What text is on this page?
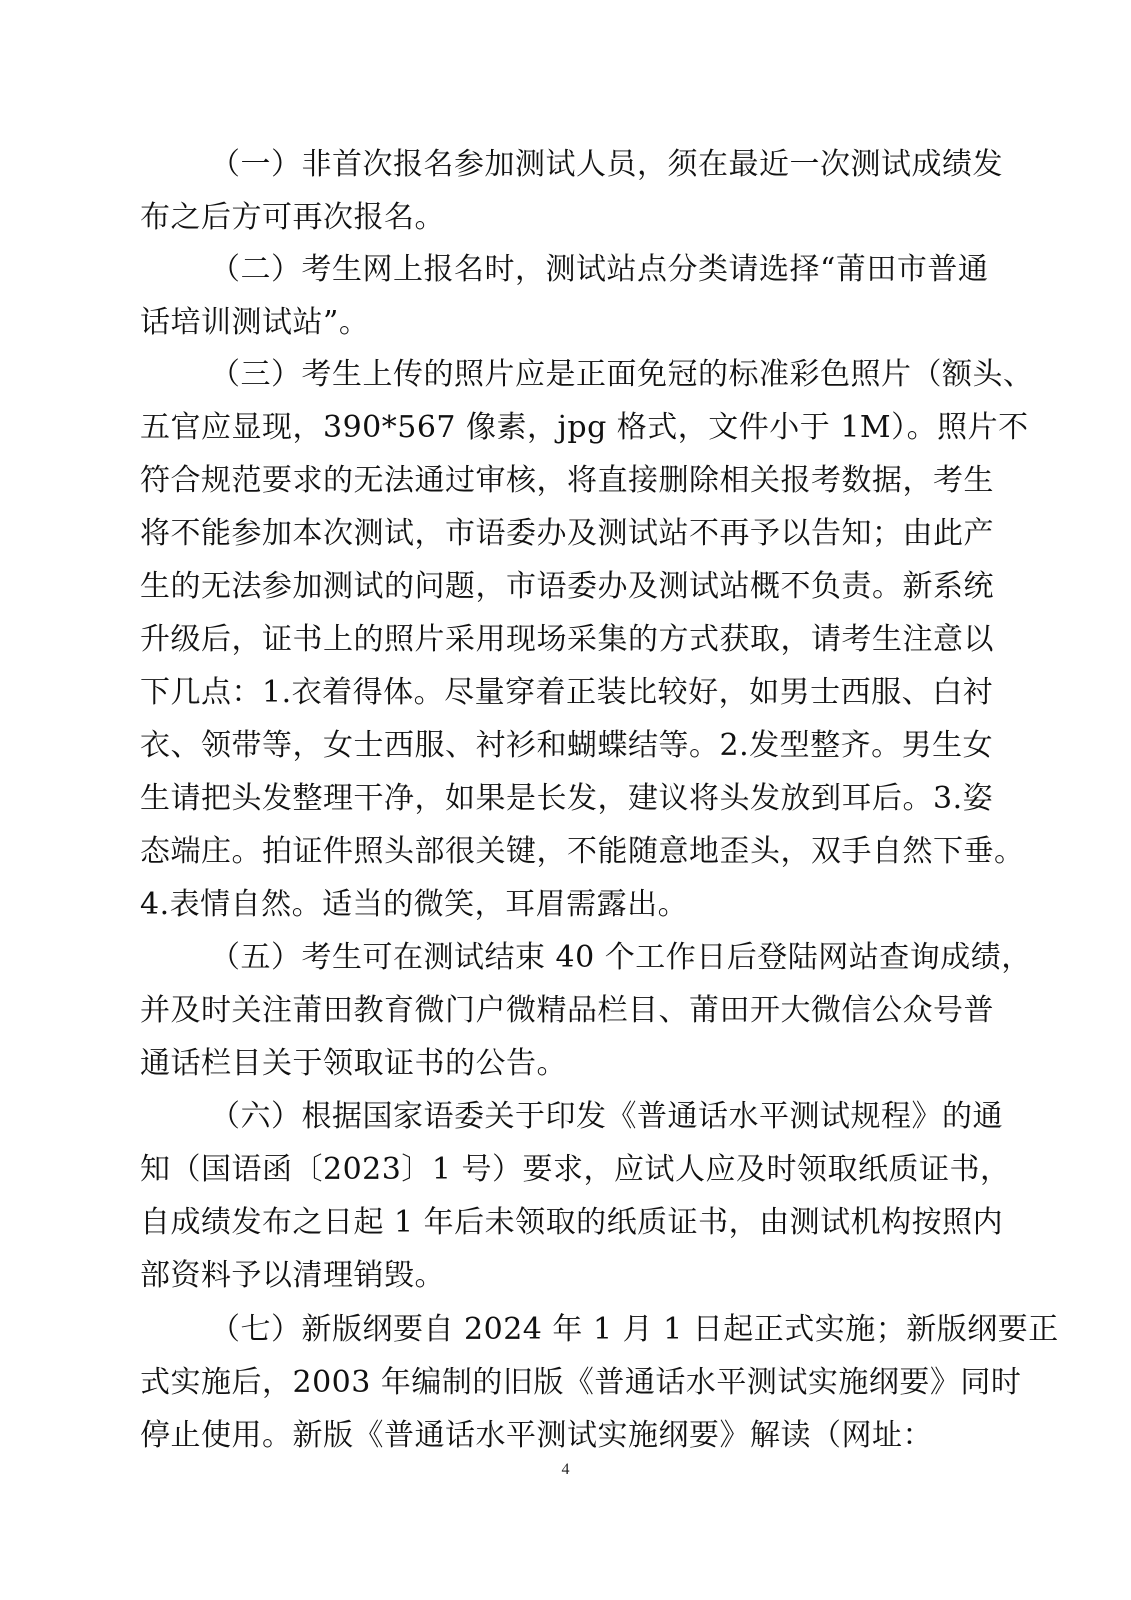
（一）非首次报名参加测试人员，须在最近一次测试成绩发
布之后方可再次报名。
（二）考生网上报名时，测试站点分类请选择“莆田市普通
话培训测试站”。
（三）考生上传的照片应是正面免冠的标准彩色照片（额头、
五官应显现，390*567 像素，jpg 格式，文件小于 1M）。照片不
符合规范要求的无法通过审核，将直接删除相关报考数据，考生
将不能参加本次测试，市语委办及测试站不再予以告知；由此产
生的无法参加测试的问题，市语委办及测试站概不负责。新系统
升级后，证书上的照片采用现场采集的方式获取，请考生注意以
下几点：1.衣着得体。尽量穿着正装比较好，如男士西服、白衬
衣、领带等，女士西服、衬衫和蝴蝶结等。2.发型整齐。男生女
生请把头发整理干净，如果是长发，建议将头发放到耳后。3.姿
态端庄。拍证件照头部很关键，不能随意地歪头，双手自然下垂。
4.表情自然。适当的微笑，耳眉需露出。
（五）考生可在测试结束 40 个工作日后登陆网站查询成绩，
并及时关注莆田教育微门户微精品栏目、莆田开大微信公众号普
通话栏目关于领取证书的公告。
（六）根据国家语委关于印发《普通话水平测试规程》的通
知（国语函〔2023〕1 号）要求，应试人应及时领取纸质证书，
自成绩发布之日起 1 年后未领取的纸质证书，由测试机构按照内
部资料予以清理销毁。
（七）新版纲要自 2024 年 1 月 1 日起正式实施；新版纲要正
式实施后，2003 年编制的旧版《普通话水平测试实施纲要》同时
停止使用。新版《普通话水平测试实施纲要》解读（网址：
4
